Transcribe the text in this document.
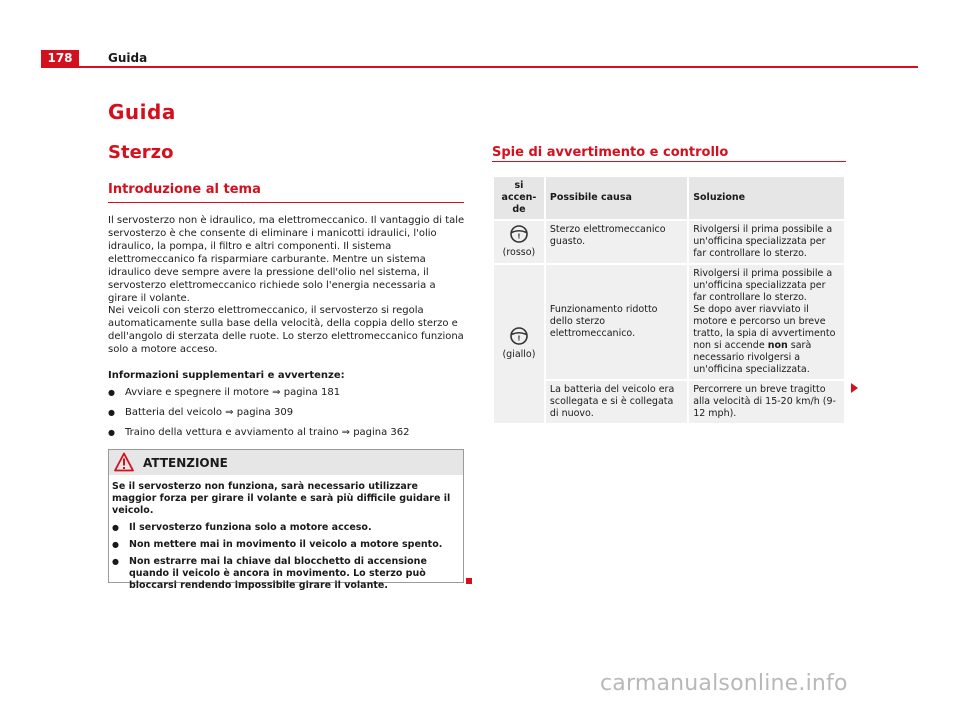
178	Guida
Guida
Sterzo
Introduzione al tema
Il servosterzo non è idraulico, ma elettromeccanico. Il vantaggio di tale servosterzo è che consente di eliminare i manicotti idraulici, l'olio idraulico, la pompa, il filtro e altri componenti. Il sistema elettromeccanico fa risparmiare carburante. Mentre un sistema idraulico deve sempre avere la pressione dell'olio nel sistema, il servosterzo elettromeccanico richiede solo l'energia necessaria a girare il volante.
Nei veicoli con sterzo elettromeccanico, il servosterzo si regola automaticamente sulla base della velocità, della coppia dello sterzo e dell'angolo di sterzata delle ruote. Lo sterzo elettromeccanico funziona solo a motore acceso.
Informazioni supplementari e avvertenze:
● Avviare e spegnere il motore ⇒ pagina 181
● Batteria del veicolo ⇒ pagina 309
● Traino della vettura e avviamento al traino ⇒ pagina 362
ATTENZIONE

Se il servosterzo non funziona, sarà necessario utilizzare maggior forza per girare il volante e sarà più difficile guidare il veicolo.

● Il servosterzo funziona solo a motore acceso.
● Non mettere mai in movimento il veicolo a motore spento.
● Non estrarre mai la chiave dal blocchetto di accensione quando il veicolo è ancora in movimento. Lo sterzo può bloccarsi rendendo impossibile girare il volante.
Spie di avvertimento e controllo
si accen-de	Possibile causa	Soluzione

!
(rosso)	Sterzo elettromeccanico guasto.	Rivolgersi il prima possibile a un'officina specializzata per far controllare lo sterzo.

!
(giallo)	Funzionamento ridotto dello sterzo elettromeccanico.	Rivolgersi il prima possibile a un'officina specializzata per far controllare lo sterzo.
Se dopo aver riavviato il motore e percorso un breve tratto, la spia di avvertimento non si accende non sarà necessario rivolgersi a un'officina specializzata.
	La batteria del veicolo era scollegata e si è collegata di nuovo.	Percorrere un breve tragitto alla velocità di 15-20 km/h (9-12 mph).
carmanualsonline.info
